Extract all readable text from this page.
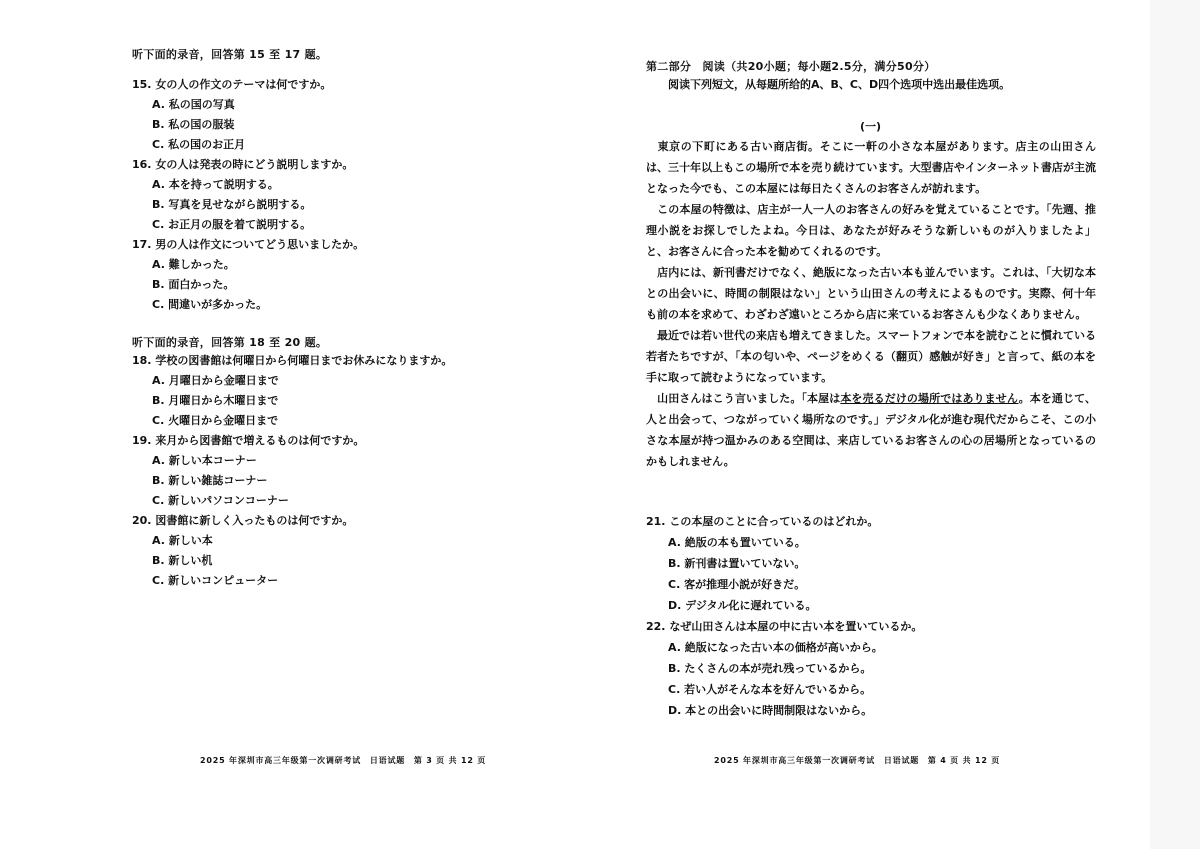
听下面的录音，回答第 15 至 17 题。
15. 女の人の作文のテーマは何ですか。
A. 私の国の写真
B. 私の国の服装
C. 私の国のお正月
16. 女の人は発表の時にどう説明しますか。
A. 本を持って説明する。
B. 写真を見せながら説明する。
C. お正月の服を着て説明する。
17. 男の人は作文についてどう思いましたか。
A. 難しかった。
B. 面白かった。
C. 間違いが多かった。
听下面的录音，回答第 18 至 20 题。
18. 学校の図書館は何曜日から何曜日までお休みになりますか。
A. 月曜日から金曜日まで
B. 月曜日から木曜日まで
C. 火曜日から金曜日まで
19. 来月から図書館で増えるものは何ですか。
A. 新しい本コーナー
B. 新しい雑誌コーナー
C. 新しいパソコンコーナー
20. 図書館に新しく入ったものは何ですか。
A. 新しい本
B. 新しい机
C. 新しいコンピューター
2025 年深圳市高三年级第一次调研考试　日语试题　第 3 页 共 12 页
第二部分　阅读（共20小题；每小题2.5分，满分50分）
阅读下列短文，从每题所给的A、B、C、D四个选项中选出最佳选项。
(一)

　東京の下町にある古い商店街。そこに一軒の小さな本屋があります。店主の山田さんは、三十年以上もこの場所で本を売り続けています。大型書店やインターネット書店が主流となった今でも、この本屋には毎日たくさんのお客さんが訪れます。

　この本屋の特徴は、店主が一人一人のお客さんの好みを覚えていることです。「先週、推理小説をお探しでしたよね。今日は、あなたが好みそうな新しいものが入りましたよ」と、お客さんに合った本を勧めてくれるのです。

　店内には、新刊書だけでなく、絶版になった古い本も並んでいます。これは、「大切な本との出会いに、時間の制限はない」という山田さんの考えによるものです。実際、何十年も前の本を求めて、わざわざ遠いところから店に来ているお客さんも少なくありません。

　最近では若い世代の来店も増えてきました。スマートフォンで本を読むことに慣れている若者たちですが、「本の匂いや、ページをめくる（翻页）感触が好き」と言って、紙の本を手に取って読むようになっています。

　山田さんはこう言いました。「本屋は本を売るだけの場所ではありません。本を通じて、人と出会って、つながっていく場所なのです。」デジタル化が進む現代だからこそ、この小さな本屋が持つ温かみのある空間は、来店しているお客さんの心の居場所となっているのかもしれません。

21. この本屋のことに合っているのはどれか。
A. 絶版の本も置いている。
B. 新刊書は置いていない。
C. 客が推理小説が好きだ。
D. デジタル化に遅れている。
22. なぜ山田さんは本屋の中に古い本を置いているか。
A. 絶版になった古い本の価格が高いから。
B. たくさんの本が売れ残っているから。
C. 若い人がそんな本を好んでいるから。
D. 本との出会いに時間制限はないから。
2025 年深圳市高三年级第一次调研考试　日语试题　第 4 页 共 12 页
